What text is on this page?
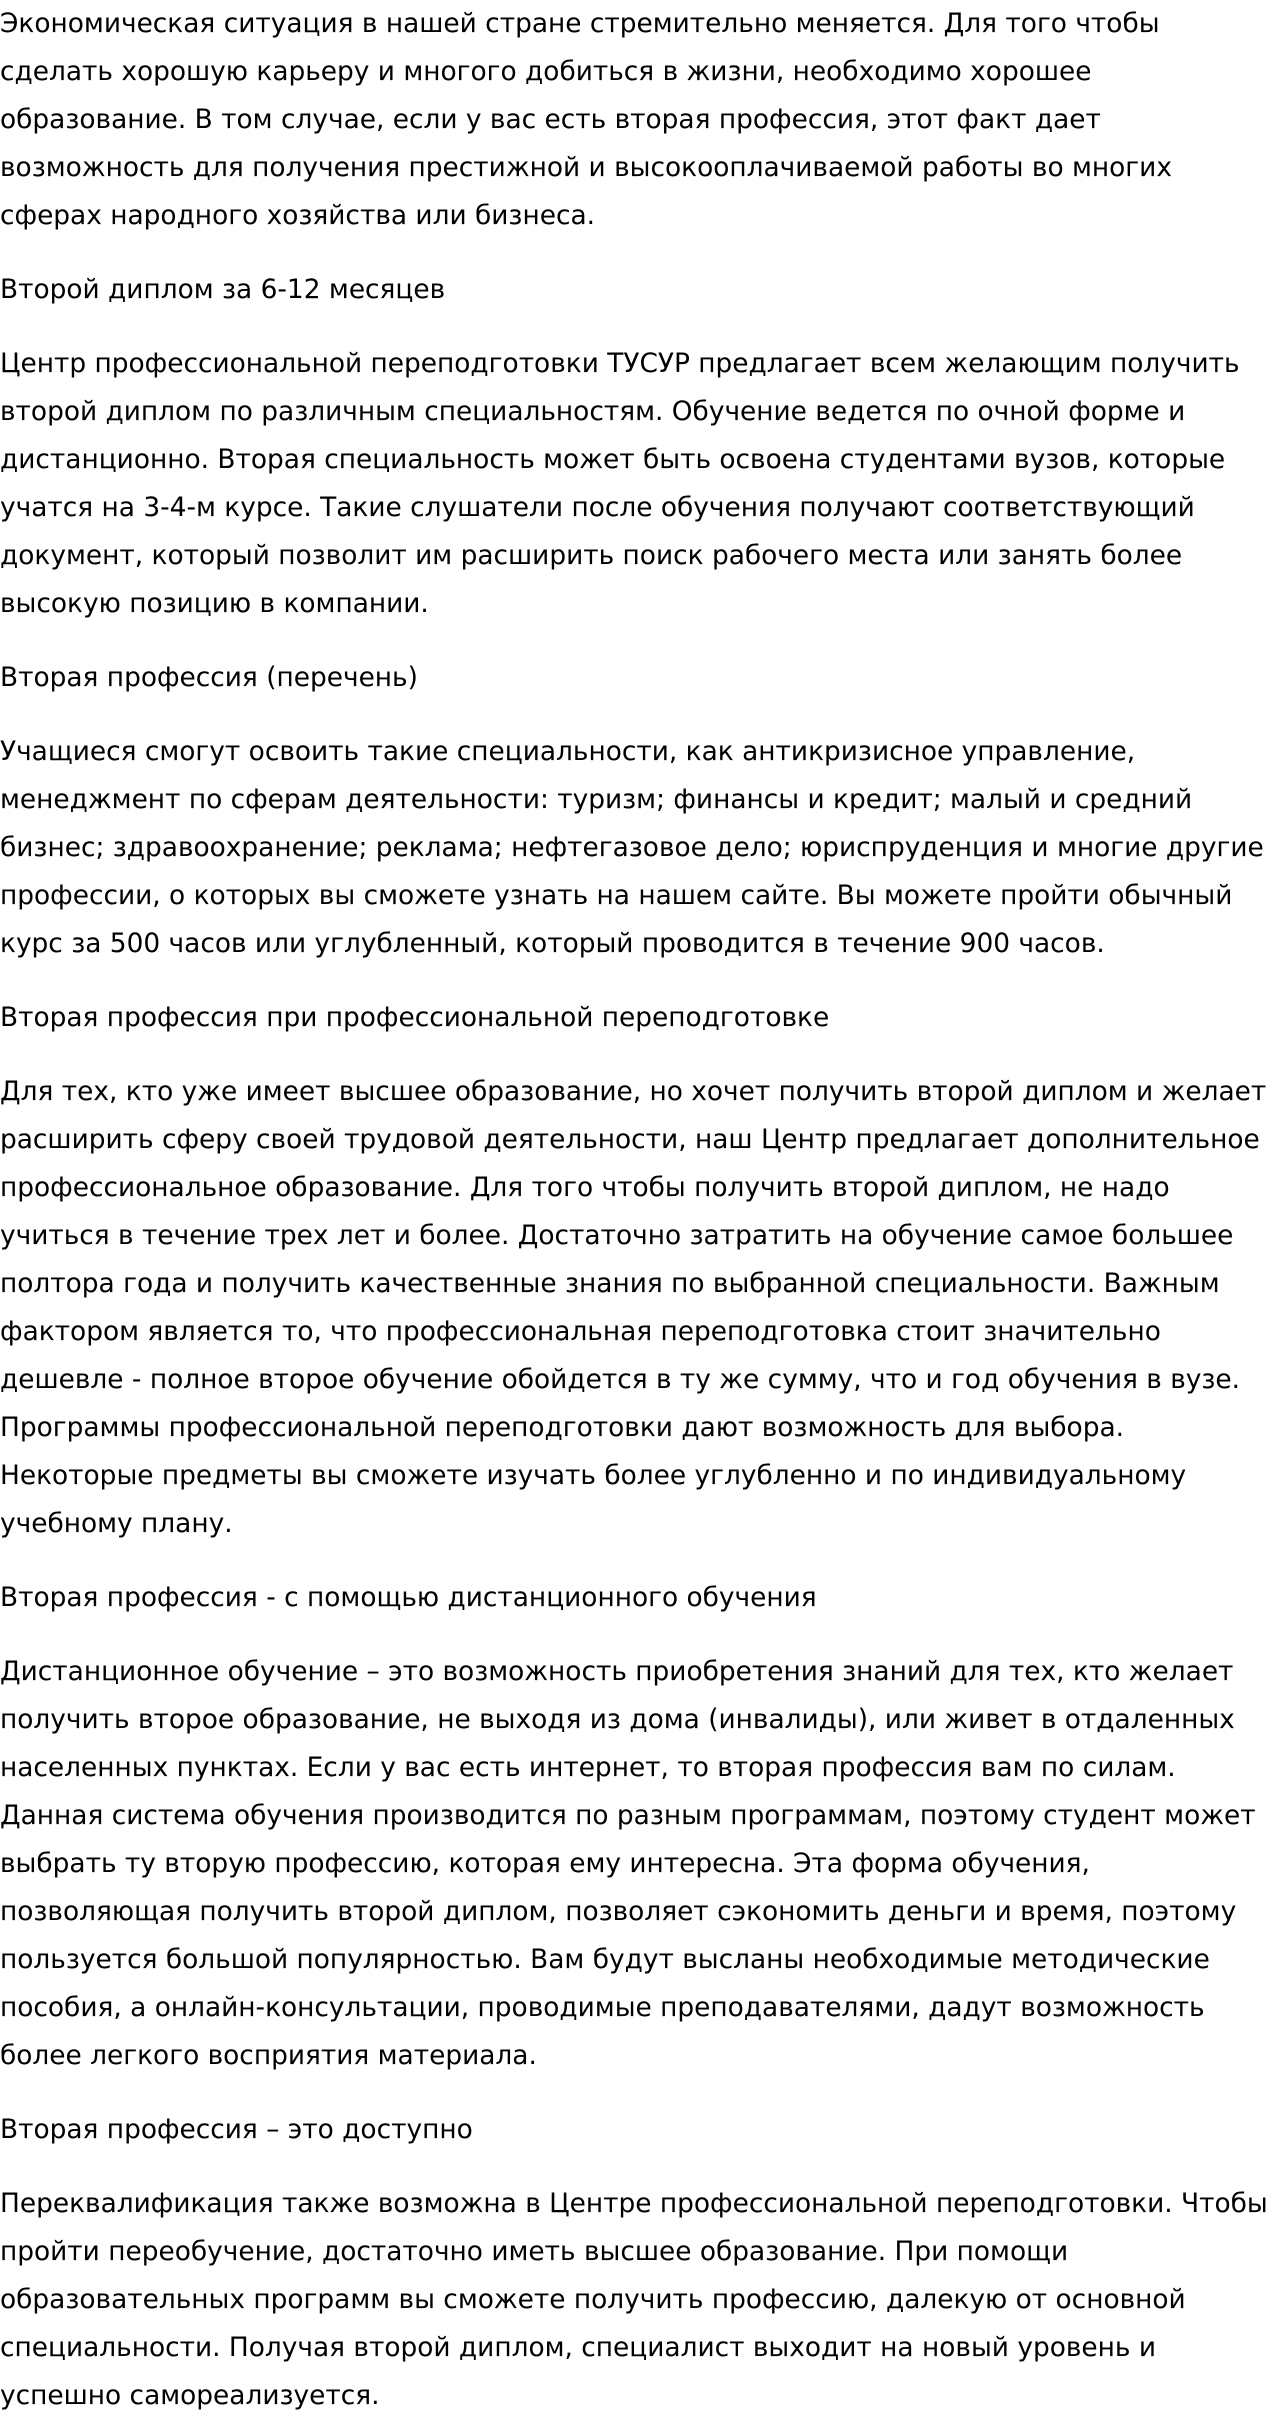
Экономическая ситуация в нашей стране стремительно меняется. Для того чтобы сделать хорошую карьеру и многого добиться в жизни, необходимо хорошее образование. В том случае, если у вас есть вторая профессия, этот факт дает возможность для получения престижной и высокооплачиваемой работы во многих сферах народного хозяйства или бизнеса.

Второй диплом за 6-12 месяцев

Центр профессиональной переподготовки ТУСУР предлагает всем желающим получить второй диплом по различным специальностям. Обучение ведется по очной форме и дистанционно. Вторая специальность может быть освоена студентами вузов, которые учатся на 3-4-м курсе. Такие слушатели после обучения получают соответствующий документ, который позволит им расширить поиск рабочего места или занять более высокую позицию в компании.

Вторая профессия (перечень)

Учащиеся смогут освоить такие специальности, как антикризисное управление, менеджмент по сферам деятельности: туризм; финансы и кредит; малый и средний бизнес; здравоохранение; реклама; нефтегазовое дело; юриспруденция и многие другие профессии, о которых вы сможете узнать на нашем сайте. Вы можете пройти обычный курс за 500 часов или углубленный, который проводится в течение 900 часов.

Вторая профессия при профессиональной переподготовке

Для тех, кто уже имеет высшее образование, но хочет получить второй диплом и желает расширить сферу своей трудовой деятельности, наш Центр предлагает дополнительное профессиональное образование. Для того чтобы получить второй диплом, не надо учиться в течение трех лет и более. Достаточно затратить на обучение самое большее полтора года и получить качественные знания по выбранной специальности. Важным фактором является то, что профессиональная переподготовка стоит значительно дешевле - полное второе обучение обойдется в ту же сумму, что и год обучения в вузе. Программы профессиональной переподготовки дают возможность для выбора. Некоторые предметы вы сможете изучать более углубленно и по индивидуальному учебному плану.

Вторая профессия - с помощью дистанционного обучения

Дистанционное обучение – это возможность приобретения знаний для тех, кто желает получить второе образование, не выходя из дома (инвалиды), или живет в отдаленных населенных пунктах. Если у вас есть интернет, то вторая профессия вам по силам. Данная система обучения производится по разным программам, поэтому студент может выбрать ту вторую профессию, которая ему интересна. Эта форма обучения, позволяющая получить второй диплом, позволяет сэкономить деньги и время, поэтому пользуется большой популярностью. Вам будут высланы необходимые методические пособия, а онлайн-консультации, проводимые преподавателями, дадут возможность более легкого восприятия материала.

Вторая профессия – это доступно

Переквалификация также возможна в Центре профессиональной переподготовки. Чтобы пройти переобучение, достаточно иметь высшее образование. При помощи образовательных программ вы сможете получить профессию, далекую от основной специальности. Получая второй диплом, специалист выходит на новый уровень и успешно самореализуется.
